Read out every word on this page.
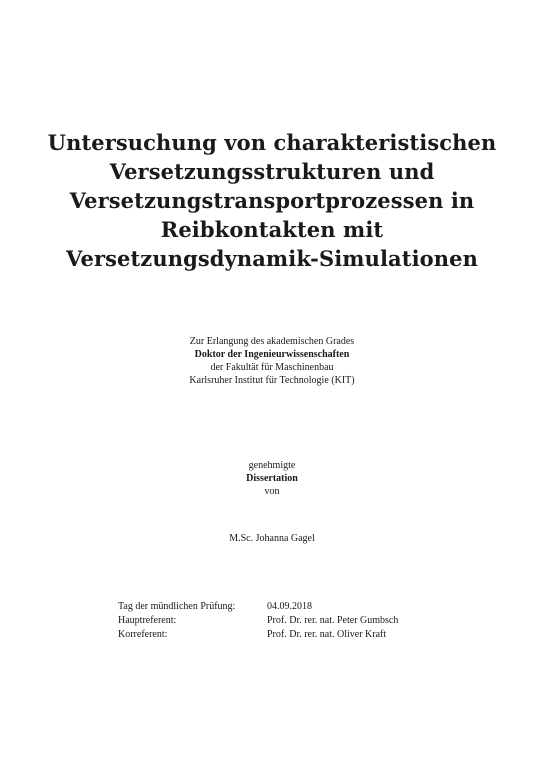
Untersuchung von charakteristischen
Versetzungsstrukturen und
Versetzungstransportprozessen in
Reibkontakten mit
Versetzungsdynamik-Simulationen
Zur Erlangung des akademischen Grades
Doktor der Ingenieurwissenschaften
der Fakultät für Maschinenbau
Karlsruher Institut für Technologie (KIT)
genehmigte
Dissertation
von
M.Sc. Johanna Gagel
Tag der mündlichen Prüfung:	04.09.2018
Hauptreferent:	Prof. Dr. rer. nat. Peter Gumbsch
Korreferent:	Prof. Dr. rer. nat. Oliver Kraft
